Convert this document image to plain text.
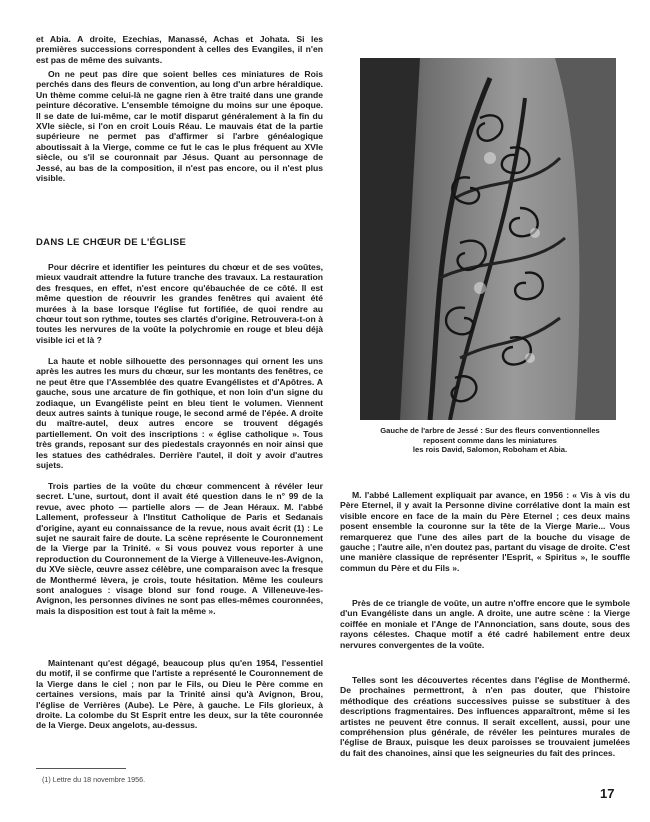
et Abia. A droite, Ezechias, Manassé, Achas et Johata. Si les premières successions correspondent à celles des Evangiles, il n'en est pas de même des suivants.

On ne peut pas dire que soient belles ces miniatures de Rois perchés dans des fleurs de convention, au long d'un arbre héraldique. Un thème comme celui-là ne gagne rien à être traité dans une grande peinture décorative. L'ensemble témoigne du moins sur une époque. Il se date de lui-même, car le motif disparut généralement à la fin du XVIe siècle, si l'on en croit Louis Réau. Le mauvais état de la partie supérieure ne permet pas d'affirmer si l'arbre généalogique aboutissait à la Vierge, comme ce fut le cas le plus fréquent au XVIe siècle, ou s'il se couronnait par Jésus. Quant au personnage de Jessé, au bas de la composition, il n'est pas encore, ou il n'est plus visible.

DANS LE CHŒUR DE L'ÉGLISE

Pour décrire et identifier les peintures du chœur et de ses voûtes, mieux vaudrait attendre la future tranche des travaux. La restauration des fresques, en effet, n'est encore qu'ébauchée de ce côté. Il est même question de réouvrir les grandes fenêtres qui avaient été murées à la base lorsque l'église fut fortifiée, de quoi rendre au chœur tout son rythme, toutes ses clartés d'origine. Retrouvera-t-on à toutes les nervures de la voûte la polychromie en rouge et bleu déjà visible ici et là ?

La haute et noble silhouette des personnages qui ornent les uns après les autres les murs du chœur, sur les montants des fenêtres, ce ne peut être que l'Assemblée des quatre Evangélistes et d'Apôtres. A gauche, sous une arcature de fin gothique, et non loin d'un signe du zodiaque, un Evangéliste peint en bleu tient le volumen. Viennent deux autres saints à tunique rouge, le second armé de l'épée. A droite du maître-autel, deux autres encore se trouvent dégagés partiellement. On voit des inscriptions : « église catholique ». Tous très grands, reposant sur des piedestals crayonnés en noir ainsi que les statues des cathédrales. Derrière l'autel, il doit y avoir d'autres sujets.

Trois parties de la voûte du chœur commencent à révéler leur secret. L'une, surtout, dont il avait été question dans le n° 99 de la revue, avec photo — partielle alors — de Jean Héraux. M. l'abbé Lallement, professeur à l'Institut Catholique de Paris et Sedanais d'origine, ayant eu connaissance de la revue, nous avait écrit (1) : Le sujet ne saurait faire de doute. La scène représente le Couronnement de la Vierge par la Trinité. « Si vous pouvez vous reporter à une reproduction du Couronnement de la Vierge à Villeneuve-les-Avignon, du XVe siècle, œuvre assez célèbre, une comparaison avec la fresque de Monthermé lèvera, je crois, toute hésitation. Même les couleurs sont analogues : visage blond sur fond rouge. A Villeneuve-les-Avignon, les personnes divines ne sont pas elles-mêmes couronnées, mais la disposition est tout à fait la même ».

Maintenant qu'est dégagé, beaucoup plus qu'en 1954, l'essentiel du motif, il se confirme que l'artiste a représenté le Couronnement de la Vierge dans le ciel ; non par le Fils, ou Dieu le Père comme en certaines versions, mais par la Trinité ainsi qu'à Avignon, Brou, l'église de Verrières (Aube). Le Père, à gauche. Le Fils glorieux, à droite. La colombe du St Esprit entre les deux, sur la tête couronnée de la Vierge. Deux angelots, au-dessus.

Gauche de l'arbre de Jessé : Sur des fleurs conventionnelles
reposent comme dans les miniatures
les rois David, Salomon, Roboham et Abia.

M. l'abbé Lallement expliquait par avance, en 1956 : « Vis à vis du Père Eternel, il y avait la Personne divine corrélative dont la main est visible encore en face de la main du Père Eternel ; ces deux mains posent ensemble la couronne sur la tête de la Vierge Marie... Vous remarquerez que l'une des ailes part de la bouche du visage de gauche ; l'autre aile, n'en doutez pas, partant du visage de droite. C'est une manière classique de représenter l'Esprit, « Spiritus », le souffle commun du Père et du Fils ».

Près de ce triangle de voûte, un autre n'offre encore que le symbole d'un Evangéliste dans un angle. A droite, une autre scène : la Vierge coiffée en moniale et l'Ange de l'Annonciation, sans doute, sous des rayons célestes. Chaque motif a été cadré habilement entre deux nervures convergentes de la voûte.

Telles sont les découvertes récentes dans l'église de Monthermé. De prochaines permettront, à n'en pas douter, que l'histoire méthodique des créations successives puisse se substituer à des descriptions fragmentaires. Des influences apparaîtront, même si les artistes ne peuvent être connus. Il serait excellent, aussi, pour une compréhension plus générale, de révéler les peintures murales de l'église de Braux, puisque les deux paroisses se trouvaient jumelées du fait des chanoines, ainsi que les seigneuries du fait des princes.

(1) Lettre du 18 novembre 1956.

17
